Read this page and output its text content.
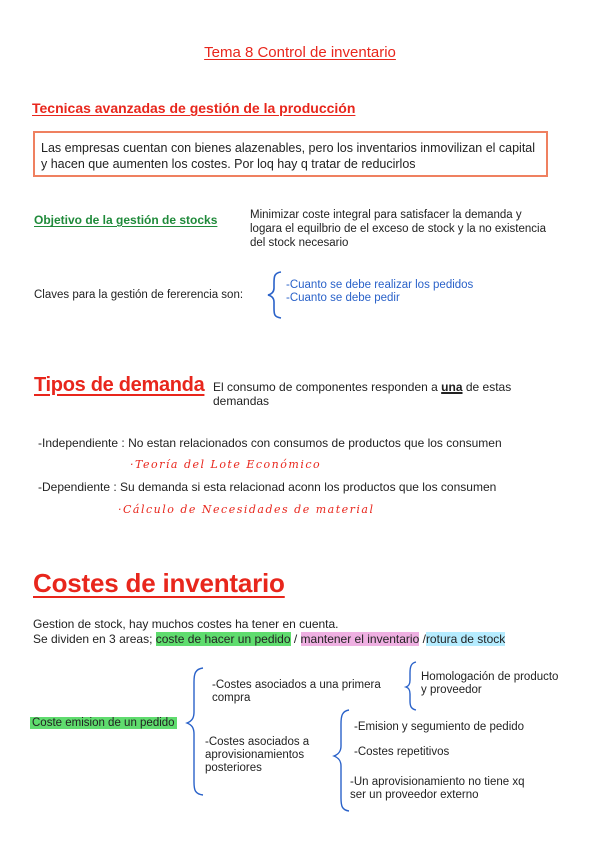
Tema 8 Control de inventario
Tecnicas avanzadas de gestión de la producción
Las empresas cuentan con bienes alazenables, pero los inventarios inmovilizan el capital y hacen que aumenten los costes. Por loq hay q tratar de reducirlos
Objetivo de la gestión de stocks	Minimizar coste integral para satisfacer la demanda y logara el equilbrio de el exceso de stock y la no existencia del stock necesario
Claves para la gestión de fererencia son:
-Cuanto se debe realizar los pedidos
-Cuanto se debe pedir
Tipos de demanda El consumo de componentes responden a una de estas demandas
-Independiente : No estan relacionados con consumos de productos que los consumen
·Teoría del Lote Económico
-Dependiente : Su demanda si esta relacionad aconn los productos que los consumen
·Cálculo de Necesidades de material
Costes de inventario
Gestion de stock, hay muchos costes ha tener en cuenta.
Se dividen en 3 areas; coste de hacer un pedido / mantener el inventario /rotura de stock
Coste emision de un pedido
-Costes asociados a una primera compra
-Costes asociados a aprovisionamientos posteriores
Homologación de producto y proveedor
-Emision y segumiento de pedido
-Costes repetitivos
-Un aprovisionamiento no tiene xq ser un proveedor externo
